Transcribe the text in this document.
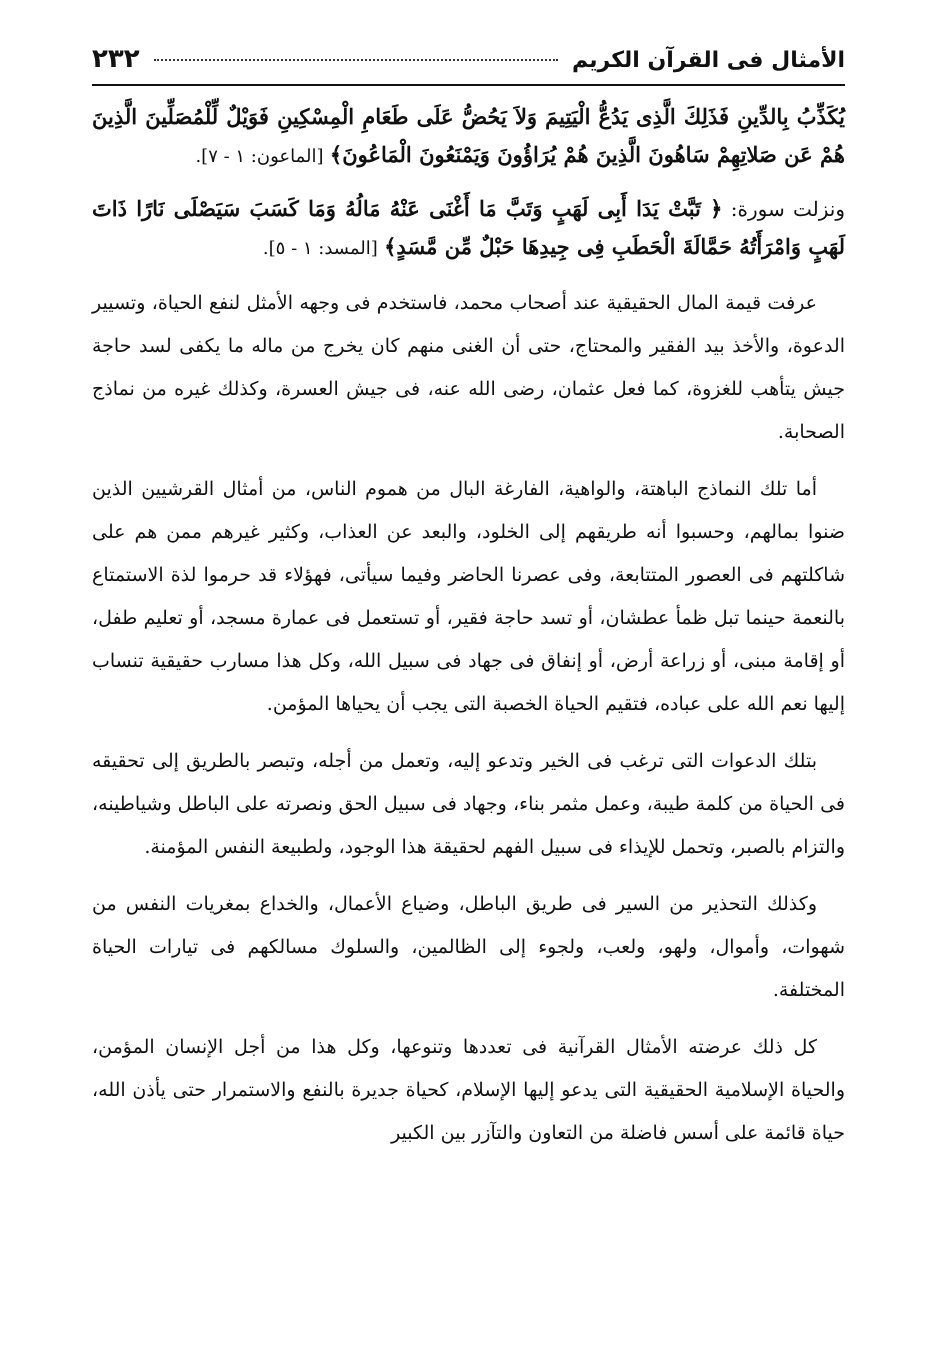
الأمثال فى القرآن الكريم
٢٣٢

يُكَذِّبُ بِالدِّينِ فَذَلِكَ الَّذِى يَدُعُّ الْيَتِيمَ وَلاَ يَحُضُّ عَلَى طَعَامِ الْمِسْكِينِ فَوَيْلٌ لِّلْمُصَلِّينَ الَّذِينَ هُمْ عَن صَلاتِهِمْ سَاهُونَ الَّذِينَ هُمْ يُرَاؤُونَ وَيَمْنَعُونَ الْمَاعُونَ﴾ [الماعون: ١ - ٧].

ونزلت سورة: ﴿ تَبَّتْ يَدَا أَبِى لَهَبٍ وَتَبَّ مَا أَغْنَى عَنْهُ مَالُهُ وَمَا كَسَبَ سَيَصْلَى نَارًا ذَاتَ لَهَبٍ وَامْرَأَتُهُ حَمَّالَةَ الْحَطَبِ فِى جِيدِهَا حَبْلٌ مِّن مَّسَدٍ﴾ [المسد: ١ - ٥].

عرفت قيمة المال الحقيقية عند أصحاب محمد، فاستخدم فى وجهه الأمثل لنفع الحياة، وتسيير الدعوة، والأخذ بيد الفقير والمحتاج، حتى أن الغنى منهم كان يخرج من ماله ما يكفى لسد حاجة جيش يتأهب للغزوة، كما فعل عثمان، رضى الله عنه، فى جيش العسرة، وكذلك غيره من نماذج الصحابة.

أما تلك النماذج الباهتة، والواهية، الفارغة البال من هموم الناس، من أمثال القرشيين الذين ضنوا بمالهم، وحسبوا أنه طريقهم إلى الخلود، والبعد عن العذاب، وكثير غيرهم ممن هم على شاكلتهم فى العصور المتتابعة، وفى عصرنا الحاضر وفيما سيأتى، فهؤلاء قد حرموا لذة الاستمتاع بالنعمة حينما تبل ظمأ عطشان، أو تسد حاجة فقير، أو تستعمل فى عمارة مسجد، أو تعليم طفل، أو إقامة مبنى، أو زراعة أرض، أو إنفاق فى جهاد فى سبيل الله، وكل هذا مسارب حقيقية تنساب إليها نعم الله على عباده، فتقيم الحياة الخصبة التى يجب أن يحياها المؤمن.

بتلك الدعوات التى ترغب فى الخير وتدعو إليه، وتعمل من أجله، وتبصر بالطريق إلى تحقيقه فى الحياة من كلمة طيبة، وعمل مثمر بناء، وجهاد فى سبيل الحق ونصرته على الباطل وشياطينه، والتزام بالصبر، وتحمل للإيذاء فى سبيل الفهم لحقيقة هذا الوجود، ولطبيعة النفس المؤمنة.

وكذلك التحذير من السير فى طريق الباطل، وضياع الأعمال، والخداع بمغريات النفس من شهوات، وأموال، ولهو، ولعب، ولجوء إلى الظالمين، والسلوك مسالكهم فى تيارات الحياة المختلفة.

كل ذلك عرضته الأمثال القرآنية فى تعددها وتنوعها، وكل هذا من أجل الإنسان المؤمن، والحياة الإسلامية الحقيقية التى يدعو إليها الإسلام، كحياة جديرة بالنفع والاستمرار حتى يأذن الله، حياة قائمة على أسس فاضلة من التعاون والتآزر بين الكبير
